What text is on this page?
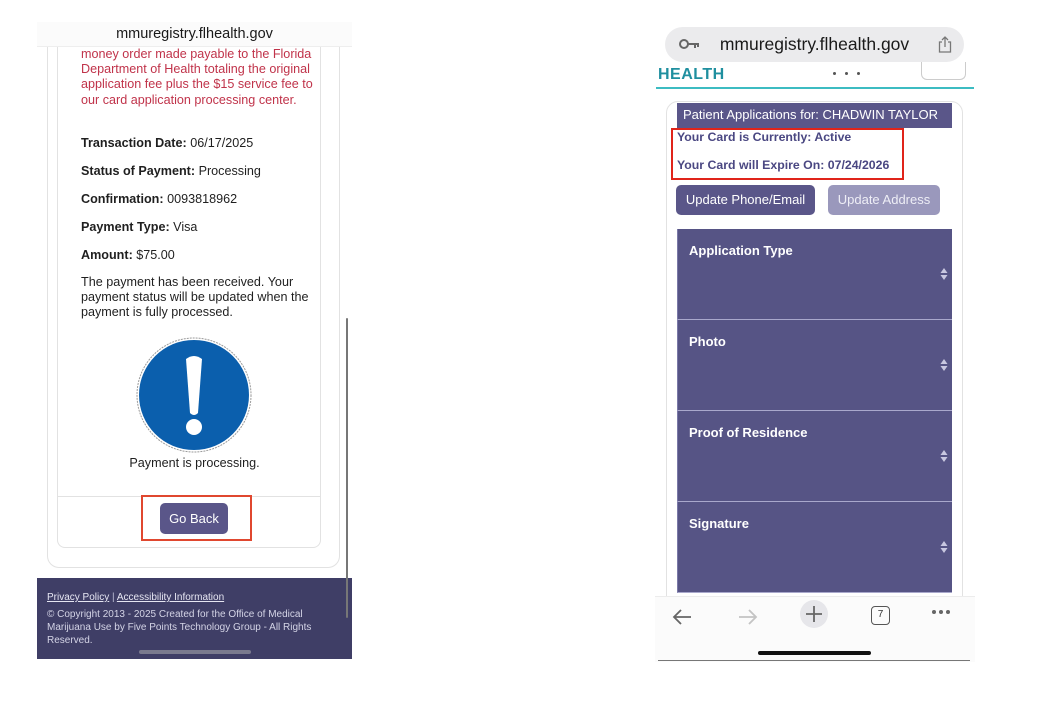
money order made payable to the Florida Department of Health totaling the original application fee plus the $15 service fee to our card application processing center.
Transaction Date: 06/17/2025
Status of Payment: Processing
Confirmation: 0093818962
Payment Type: Visa
Amount: $75.00
The payment has been received. Your payment status will be updated when the payment is fully processed.
Payment is processing.
Go Back
mmuregistry.flhealth.gov
Privacy Policy | Accessibility Information
© Copyright 2013 - 2025 Created for the Office of Medical Marijuana Use by Five Points Technology Group - All Rights Reserved.
mmuregistry.flhealth.gov
HEALTH
Patient Applications for: CHADWIN TAYLOR
Your Card is Currently: Active
Your Card will Expire On: 07/24/2026
Update Phone/Email	Update Address
Application Type
Photo
Proof of Residence
Signature
7
